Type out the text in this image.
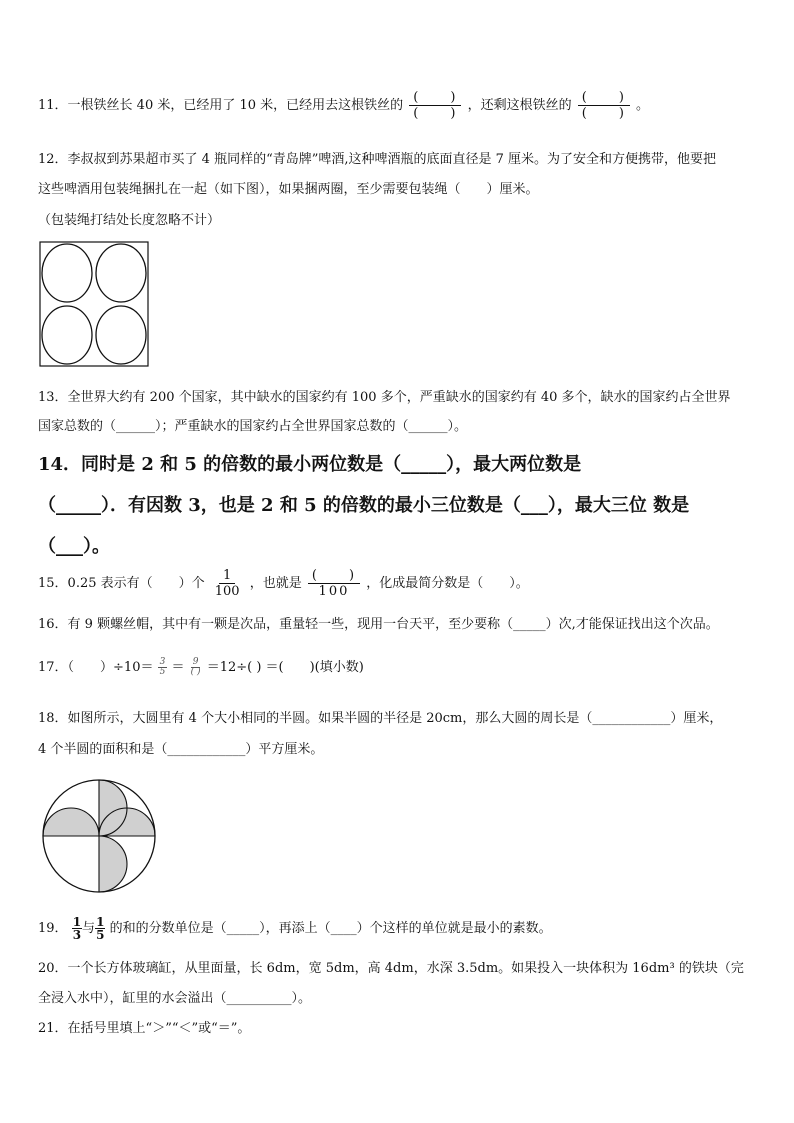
11．一根铁丝长 40 米，已经用了 10 米，已经用去这根铁丝的 $\frac{( )}{( )}$ ，还剩这根铁丝的 $\frac{( )}{( )}$ 。
12．李叔叔到苏果超市买了 4 瓶同样的“青岛牌”啤酒,这种啤酒瓶的底面直径是 7 厘米。为了安全和方便携带，他要把
这些啤酒用包装绳捆扎在一起（如下图），如果捆两圈，至少需要包装绳（　　）厘米。
（包装绳打结处长度忽略不计）
13．全世界大约有 200 个国家，其中缺水的国家约有 100 多个，严重缺水的国家约有 40 多个，缺水的国家约占全世界
国家总数的（______）；严重缺水的国家约占全世界国家总数的（______）。
14．同时是 2 和 5 的倍数的最小两位数是（_____），最大两位数是
（_____）．有因数 3，也是 2 和 5 的倍数的最小三位数是（___），最大三位 数是
（___）。
15．0.25 表示有（　　）个 $\frac{1}{100}$ ，也就是 $\frac{( )}{100}$ ，化成最简分数是（　　）。
16．有 9 颗螺丝帽，其中有一颗是次品，重量轻一些，现用一台天平，至少要称（_____）次,才能保证找出这个次品。
17．（　　）$\div 10= \frac{3}{5} = \frac{9}{( )} =12\div$( ) ＝(　　)(填小数)
18．如图所示，大圆里有 4 个大小相同的半圆。如果半圆的半径是 20cm，那么大圆的周长是（____________）厘米，
4 个半圆的面积和是（____________）平方厘米。
19． $\frac{1}{3}$ 与 $\frac{1}{5}$ 的和的分数单位是（_____），再添上（____）个这样的单位就是最小的素数。
20．一个长方体玻璃缸，从里面量，长 6dm，宽 5dm，高 4dm，水深 3.5dm。如果投入一块体积为 16dm³ 的铁块（完
全浸入水中），缸里的水会溢出（__________）。
21．在括号里填上“＞”“＜”或“＝”。
